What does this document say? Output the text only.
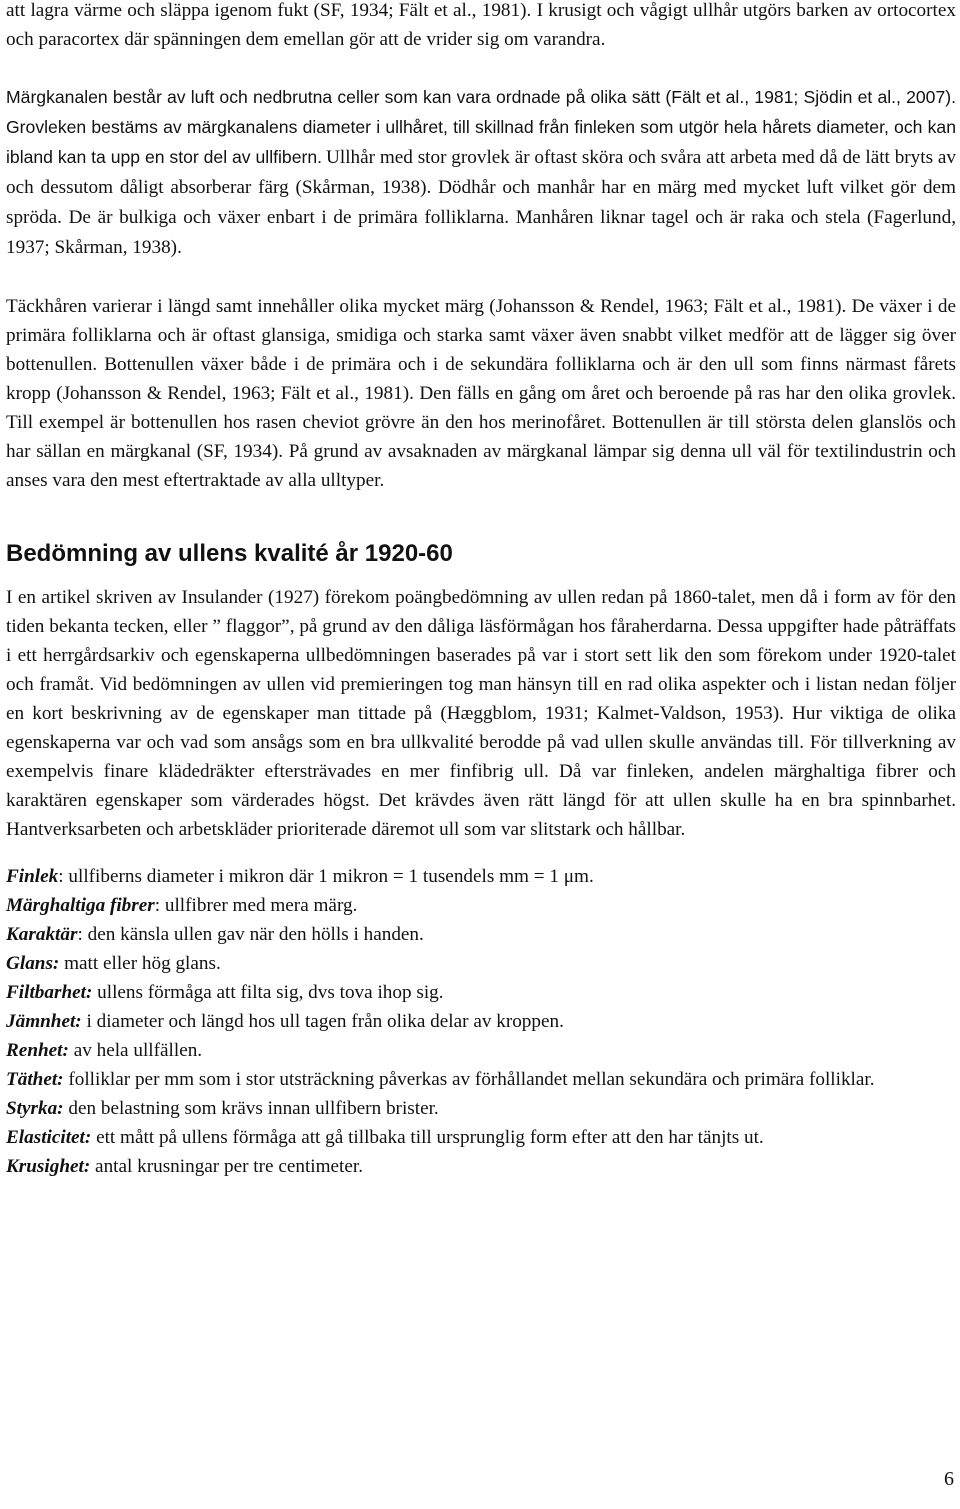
att lagra värme och släppa igenom fukt (SF, 1934; Fält et al., 1981). I krusigt och vågigt ullhår utgörs barken av ortocortex och paracortex där spänningen dem emellan gör att de vrider sig om varandra.

Märgkanalen består av luft och nedbrutna celler som kan vara ordnade på olika sätt (Fält et al., 1981; Sjödin et al., 2007). Grovleken bestäms av märgkanalens diameter i ullhåret, till skillnad från finleken som utgör hela hårets diameter, och kan ibland kan ta upp en stor del av ullfibern. Ullhår med stor grovlek är oftast sköra och svåra att arbeta med då de lätt bryts av och dessutom dåligt absorberar färg (Skårman, 1938). Dödhår och manhår har en märg med mycket luft vilket gör dem spröda. De är bulkiga och växer enbart i de primära folliklarna. Manhåren liknar tagel och är raka och stela (Fagerlund, 1937; Skårman, 1938).

Täckhåren varierar i längd samt innehåller olika mycket märg (Johansson & Rendel, 1963; Fält et al., 1981). De växer i de primära folliklarna och är oftast glansiga, smidiga och starka samt växer även snabbt vilket medför att de lägger sig över bottenullen. Bottenullen växer både i de primära och i de sekundära folliklarna och är den ull som finns närmast fårets kropp (Johansson & Rendel, 1963; Fält et al., 1981). Den fälls en gång om året och beroende på ras har den olika grovlek. Till exempel är bottenullen hos rasen cheviot grövre än den hos merinofåret. Bottenullen är till största delen glanslös och har sällan en märgkanal (SF, 1934). På grund av avsaknaden av märgkanal lämpar sig denna ull väl för textilindustrin och anses vara den mest eftertraktade av alla ulltyper.

Bedömning av ullens kvalité år 1920-60

I en artikel skriven av Insulander (1927) förekom poängbedömning av ullen redan på 1860-talet, men då i form av för den tiden bekanta tecken, eller ” flaggor”, på grund av den dåliga läsförmågan hos fåraherdarna. Dessa uppgifter hade påträffats i ett herrgårdsarkiv och egenskaperna ullbedömningen baserades på var i stort sett lik den som förekom under 1920-talet och framåt. Vid bedömningen av ullen vid premieringen tog man hänsyn till en rad olika aspekter och i listan nedan följer en kort beskrivning av de egenskaper man tittade på (Hæggblom, 1931; Kalmet-Valdson, 1953). Hur viktiga de olika egenskaperna var och vad som ansågs som en bra ullkvalité berodde på vad ullen skulle användas till. För tillverkning av exempelvis finare klädedräkter eftersträvades en mer finfibrig ull. Då var finleken, andelen märghaltiga fibrer och karaktären egenskaper som värderades högst. Det krävdes även rätt längd för att ullen skulle ha en bra spinnbarhet. Hantverksarbeten och arbetskläder prioriterade däremot ull som var slitstark och hållbar.

Finlek: ullfiberns diameter i mikron där 1 mikron = 1 tusendels mm = 1 μm.

Märghaltiga fibrer: ullfibrer med mera märg.

Karaktär: den känsla ullen gav när den hölls i handen.

Glans: matt eller hög glans.

Filtbarhet: ullens förmåga att filta sig, dvs tova ihop sig.

Jämnhet: i diameter och längd hos ull tagen från olika delar av kroppen.

Renhet: av hela ullfällen.

Täthet: folliklar per mm som i stor utsträckning påverkas av förhållandet mellan sekundära och primära folliklar.

Styrka: den belastning som krävs innan ullfibern brister.

Elasticitet: ett mått på ullens förmåga att gå tillbaka till ursprunglig form efter att den har tänjts ut.

Krusighet: antal krusningar per tre centimeter.

6
